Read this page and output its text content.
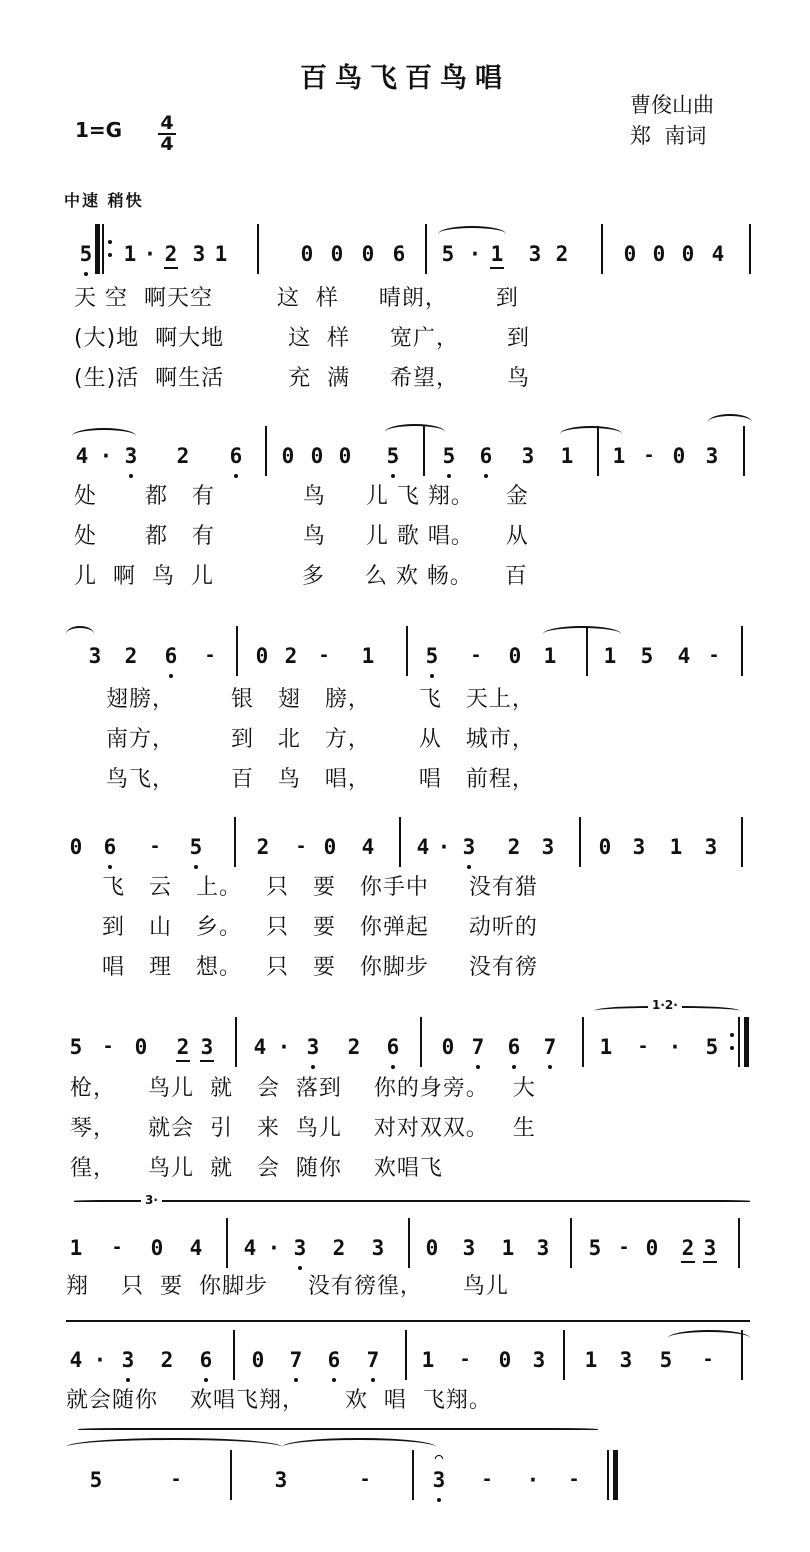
百鸟飞百鸟唱
曹俊山曲
郑  南词
1=G 4
4
中速 稍快
5 1 · 2 3 1	0 0 0 6 5 · 1 3 2	0 0 0 4
天 空  啊天空        这  样     晴朗，      到
(大)地  啊大地        这  样     宽广，      到
(生)活  啊生活        充  满     希望，      鸟
4 · 3 2 6 0 0 0 5 5 6 3 1 1 - 0 3
处      都   有           鸟     儿 飞 翔。    金
处      都   有           鸟     儿 歌 唱。    从
儿  啊  鸟  儿           多     么 欢 畅。    百
3 2 6 - 0 2 - 1 5 - 0 1 1 5 4 -
翅膀，       银   翅   膀，      飞   天上，
南方，       到   北   方，      从   城市，
鸟飞，       百   鸟   唱，      唱   前程，
0 6 - 5	2 - 0 4 4 · 3 2 3 0 3 1 3
飞   云   上。   只   要   你手中     没有猎
到   山   乡。   只   要   你弹起     动听的
唱   理   想。   只   要   你脚步     没有徬
1·2·
5 - 0 2 3 4 · 3 2 6 0 7 6 7 1 - · 5
枪，    鸟儿  就   会  落到    你的身旁。   大
琴，    就会  引   来  鸟儿    对对双双。   生
徨，    鸟儿  就   会  随你    欢唱飞
3·
1 - 0 4 4 · 3 2 3 0 3 1 3 5 - 0 2 3
翔    只  要  你脚步     没有徬徨，     鸟儿
4 · 3 2 6 0 7 6 7 1 - 0 3 1 3 5 -
就会随你    欢唱飞翔，     欢  唱  飞翔。
5	-	3	-	3
⌒
- · -
